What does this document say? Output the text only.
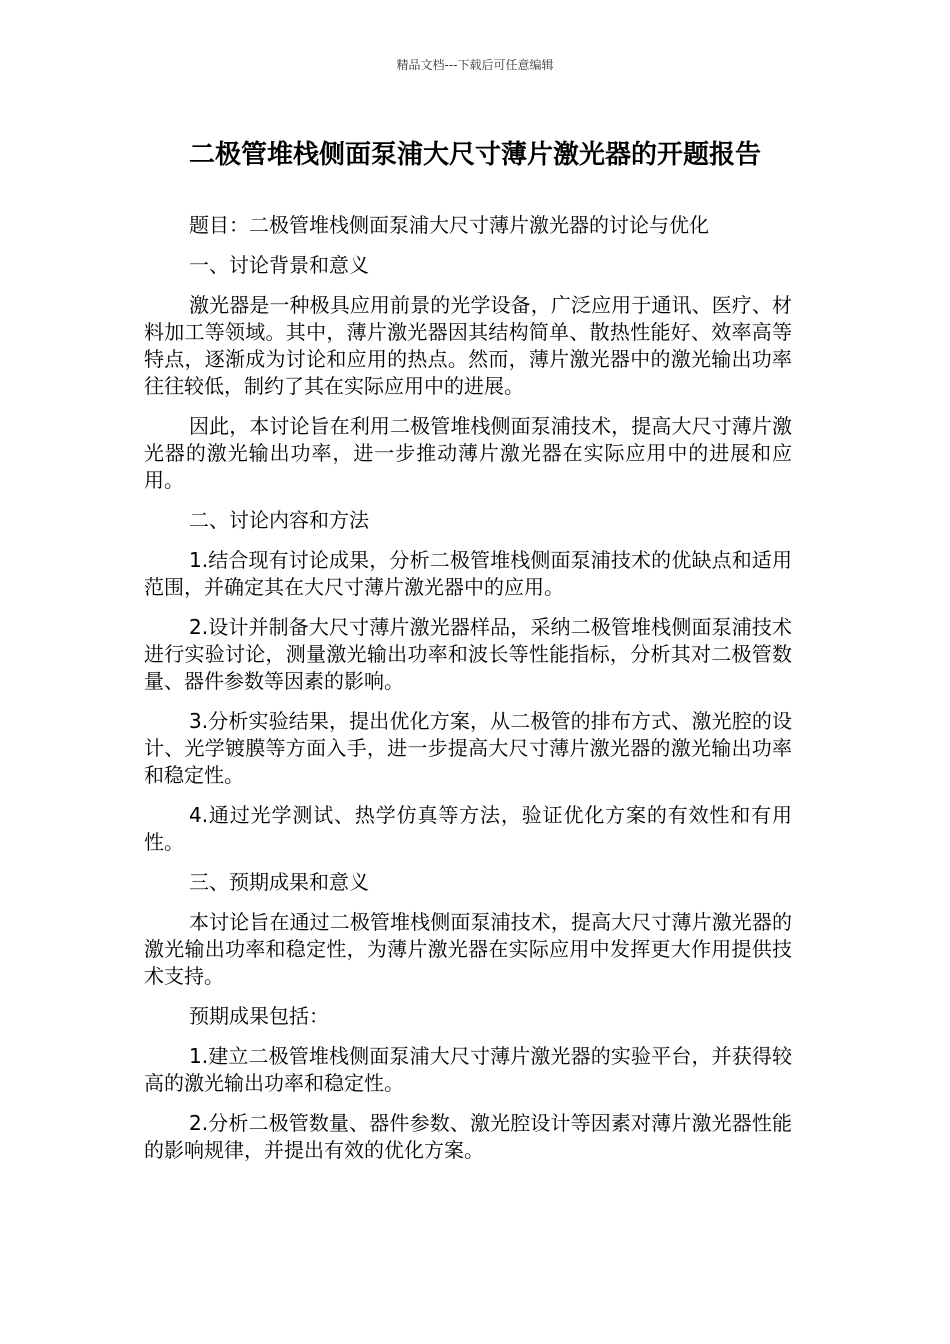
精品文档---下载后可任意编辑
二极管堆栈侧面泵浦大尺寸薄片激光器的开题报告

题目：二极管堆栈侧面泵浦大尺寸薄片激光器的讨论与优化

一、讨论背景和意义

激光器是一种极具应用前景的光学设备，广泛应用于通讯、医疗、材料加工等领域。其中，薄片激光器因其结构简单、散热性能好、效率高等特点，逐渐成为讨论和应用的热点。然而，薄片激光器中的激光输出功率往往较低，制约了其在实际应用中的进展。

因此，本讨论旨在利用二极管堆栈侧面泵浦技术，提高大尺寸薄片激光器的激光输出功率，进一步推动薄片激光器在实际应用中的进展和应用。

二、讨论内容和方法

1.结合现有讨论成果，分析二极管堆栈侧面泵浦技术的优缺点和适用范围，并确定其在大尺寸薄片激光器中的应用。

2.设计并制备大尺寸薄片激光器样品，采纳二极管堆栈侧面泵浦技术进行实验讨论，测量激光输出功率和波长等性能指标，分析其对二极管数量、器件参数等因素的影响。

3.分析实验结果，提出优化方案，从二极管的排布方式、激光腔的设计、光学镀膜等方面入手，进一步提高大尺寸薄片激光器的激光输出功率和稳定性。

4.通过光学测试、热学仿真等方法，验证优化方案的有效性和有用性。

三、预期成果和意义

本讨论旨在通过二极管堆栈侧面泵浦技术，提高大尺寸薄片激光器的激光输出功率和稳定性，为薄片激光器在实际应用中发挥更大作用提供技术支持。

预期成果包括：

1.建立二极管堆栈侧面泵浦大尺寸薄片激光器的实验平台，并获得较高的激光输出功率和稳定性。

2.分析二极管数量、器件参数、激光腔设计等因素对薄片激光器性能的影响规律，并提出有效的优化方案。
